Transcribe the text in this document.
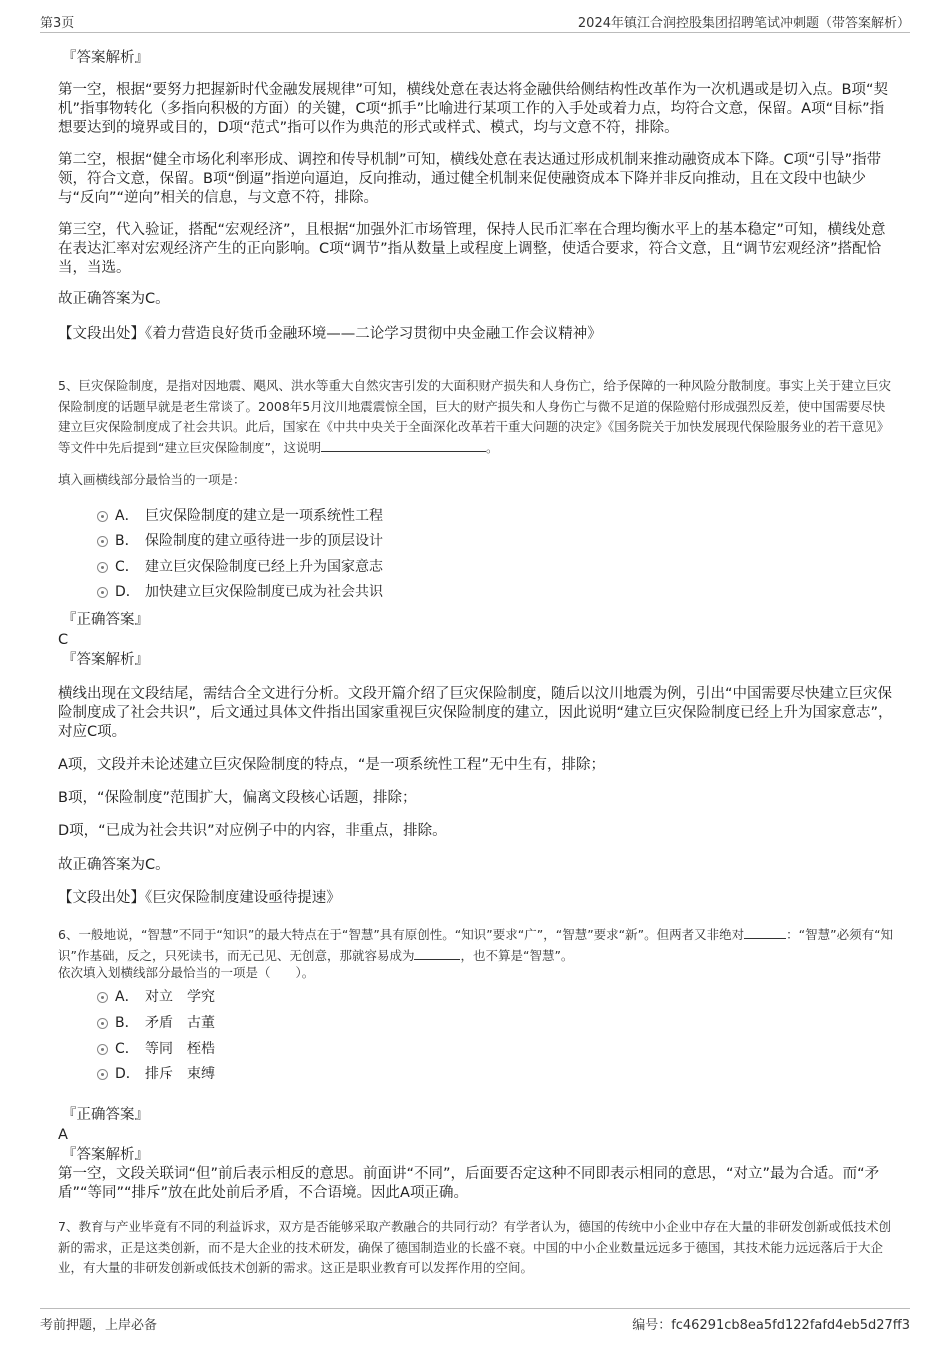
第3页	2024年镇江合润控股集团招聘笔试冲刺题（带答案解析）
『答案解析』
第一空，根据“要努力把握新时代金融发展规律”可知，横线处意在表达将金融供给侧结构性改革作为一次机遇或是切入点。B项“契机”指事物转化（多指向积极的方面）的关键，C项“抓手”比喻进行某项工作的入手处或着力点，均符合文意，保留。A项“目标”指想要达到的境界或目的，D项“范式”指可以作为典范的形式或样式、模式，均与文意不符，排除。
第二空，根据“健全市场化利率形成、调控和传导机制”可知，横线处意在表达通过形成机制来推动融资成本下降。C项“引导”指带领，符合文意，保留。B项“倒逼”指逆向逼迫，反向推动，通过健全机制来促使融资成本下降并非反向推动，且在文段中也缺少与“反向”“逆向”相关的信息，与文意不符，排除。
第三空，代入验证，搭配“宏观经济”，且根据“加强外汇市场管理，保持人民币汇率在合理均衡水平上的基本稳定”可知，横线处意在表达汇率对宏观经济产生的正向影响。C项“调节”指从数量上或程度上调整，使适合要求，符合文意，且“调节宏观经济”搭配恰当，当选。
故正确答案为C。
【文段出处】《着力营造良好货币金融环境——二论学习贯彻中央金融工作会议精神》
5、巨灾保险制度，是指对因地震、飓风、洪水等重大自然灾害引发的大面积财产损失和人身伤亡，给予保障的一种风险分散制度。事实上关于建立巨灾保险制度的话题早就是老生常谈了。2008年5月汶川地震震惊全国，巨大的财产损失和人身伤亡与微不足道的保险赔付形成强烈反差，使中国需要尽快建立巨灾保险制度成了社会共识。此后，国家在《中共中央关于全面深化改革若干重大问题的决定》《国务院关于加快发展现代保险服务业的若干意见》等文件中先后提到“建立巨灾保险制度”，这说明	。
填入画横线部分最恰当的一项是：
A． 巨灾保险制度的建立是一项系统性工程
B． 保险制度的建立亟待进一步的顶层设计
C． 建立巨灾保险制度已经上升为国家意志
D． 加快建立巨灾保险制度已成为社会共识
『正确答案』
C
『答案解析』
横线出现在文段结尾，需结合全文进行分析。文段开篇介绍了巨灾保险制度，随后以汶川地震为例，引出“中国需要尽快建立巨灾保险制度成了社会共识”，后文通过具体文件指出国家重视巨灾保险制度的建立，因此说明“建立巨灾保险制度已经上升为国家意志”，对应C项。
A项，文段并未论述建立巨灾保险制度的特点，“是一项系统性工程”无中生有，排除；
B项，“保险制度”范围扩大，偏离文段核心话题，排除；
D项，“已成为社会共识”对应例子中的内容，非重点，排除。
故正确答案为C。
【文段出处】《巨灾保险制度建设亟待提速》
6、一般地说，“智慧”不同于“知识”的最大特点在于“智慧”具有原创性。“知识”要求“广”，“智慧”要求“新”。但两者又非绝对	：“智慧”必须有“知识”作基础，反之，只死读书，而无己见、无创意，那就容易成为	，也不算是“智慧”。
依次填入划横线部分最恰当的一项是（　　）。
A． 对立　学究
B． 矛盾　古董
C． 等同　桎梏
D． 排斥　束缚
『正确答案』
A
『答案解析』
第一空，文段关联词“但”前后表示相反的意思。前面讲“不同”，后面要否定这种不同即表示相同的意思，“对立”最为合适。而“矛盾”“等同”“排斥”放在此处前后矛盾，不合语境。因此A项正确。
7、教育与产业毕竟有不同的利益诉求，双方是否能够采取产教融合的共同行动？有学者认为，德国的传统中小企业中存在大量的非研发创新或低技术创新的需求，正是这类创新，而不是大企业的技术研发，确保了德国制造业的长盛不衰。中国的中小企业数量远远多于德国，其技术能力远远落后于大企业，有大量的非研发创新或低技术创新的需求。这正是职业教育可以发挥作用的空间。
考前押题，上岸必备	编号：fc46291cb8ea5fd122fafd4eb5d27ff3
